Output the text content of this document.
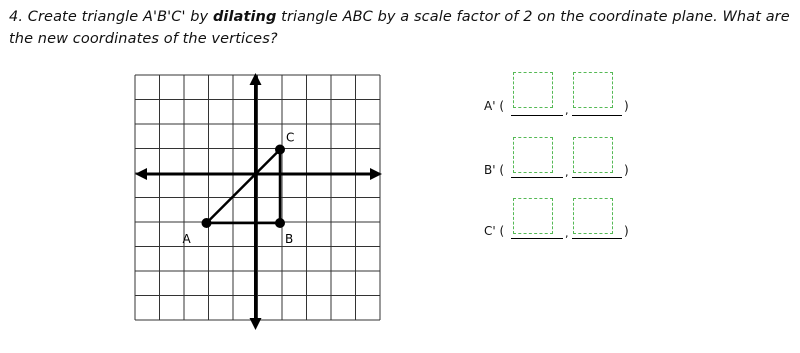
4. Create triangle A'B'C' by dilating triangle ABC by a scale factor of 2 on the coordinate plane. What are the new coordinates of the vertices?
A	B
C
A' (	,	)
B' (	,	)
C' (	,	)
